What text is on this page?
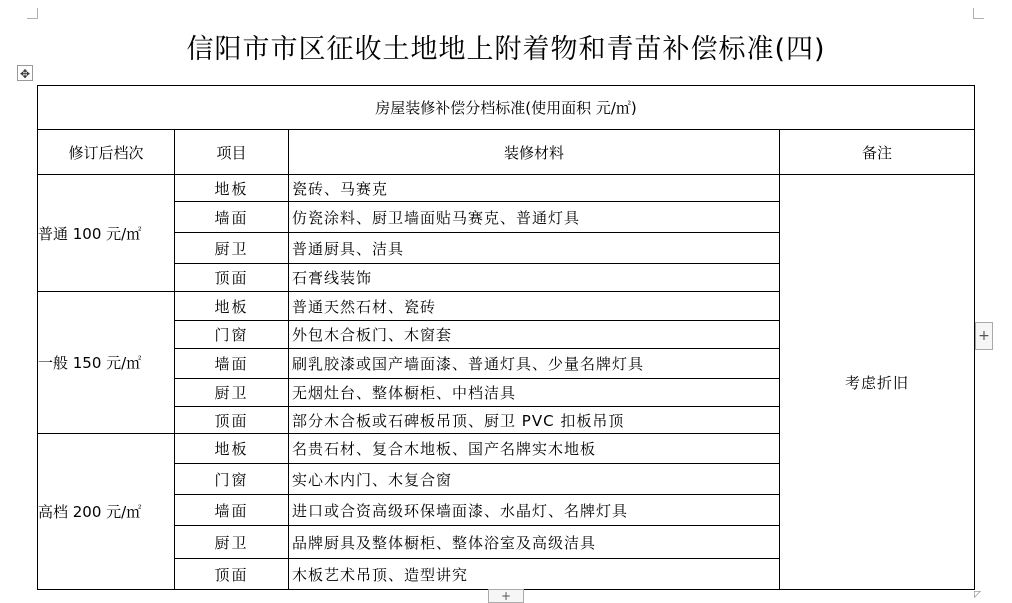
信阳市市区征收土地地上附着物和青苗补偿标准(四)
✥
房屋装修补偿分档标准(使用面积 元/㎡)			
修订后档次	项目	装修材料	备注
普通 100 元/㎡	地板	瓷砖、马赛克	考虑折旧
	墙面	仿瓷涂料、厨卫墙面贴马赛克、普通灯具	
	厨卫	普通厨具、洁具	
	顶面	石膏线装饰	
一般 150 元/㎡	地板	普通天然石材、瓷砖	
	门窗	外包木合板门、木窗套	
	墙面	刷乳胶漆或国产墙面漆、普通灯具、少量名牌灯具	
	厨卫	无烟灶台、整体橱柜、中档洁具	
	顶面	部分木合板或石碑板吊顶、厨卫 PVC 扣板吊顶	
高档 200 元/㎡	地板	名贵石材、复合木地板、国产名牌实木地板	
	门窗	实心木内门、木复合窗	
	墙面	进口或合资高级环保墙面漆、水晶灯、名牌灯具	
	厨卫	品牌厨具及整体橱柜、整体浴室及高级洁具	
	顶面	木板艺术吊顶、造型讲究	
+
+	◸
